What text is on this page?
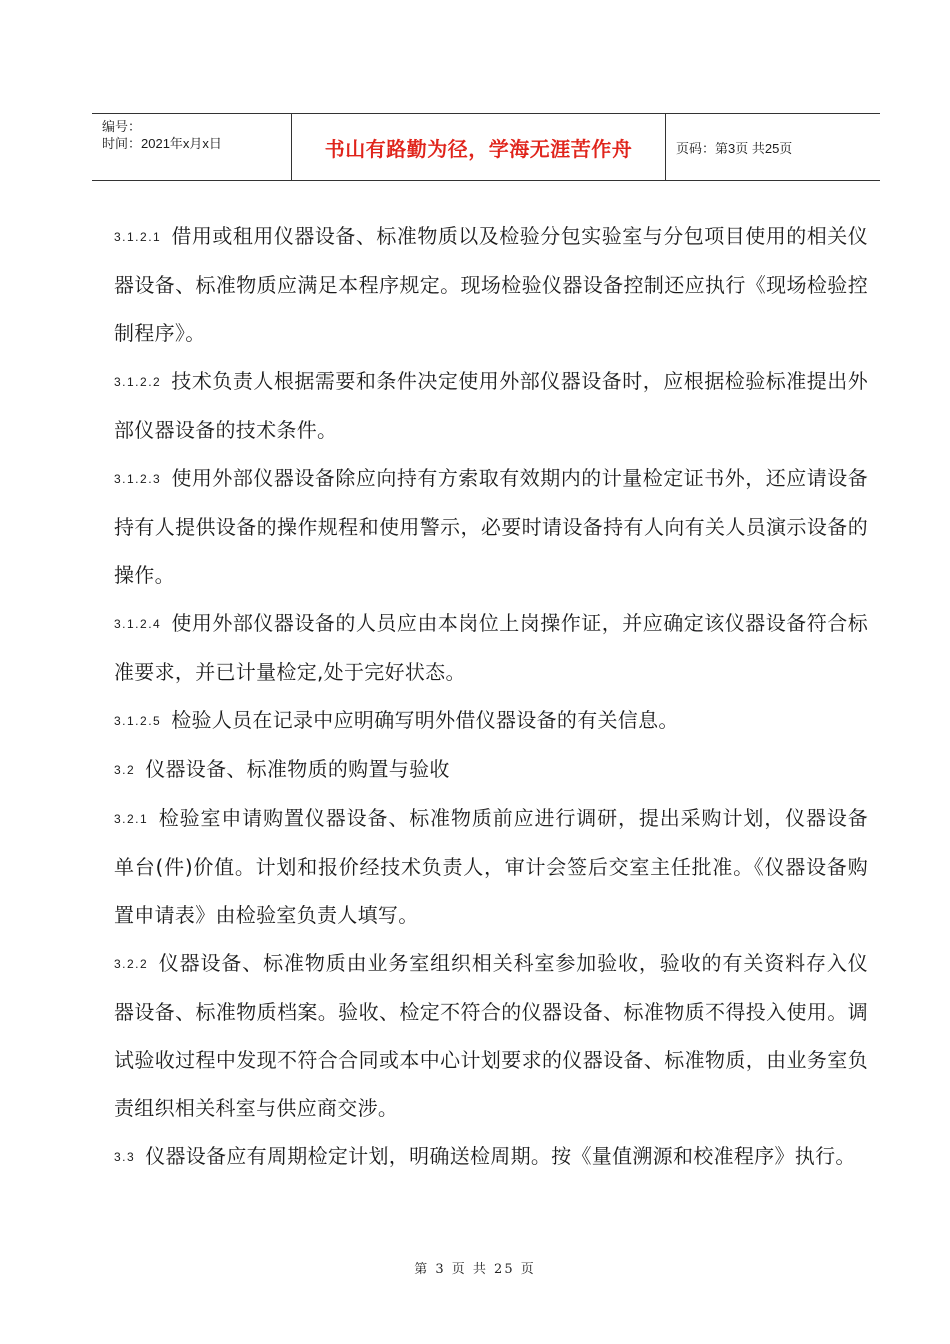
编号：
时间：2021年x月x日	书山有路勤为径，学海无涯苦作舟	页码：第3页 共25页

3.1.2.1 借用或租用仪器设备、标准物质以及检验分包实验室与分包项目使用的相关仪器设备、标准物质应满足本程序规定。现场检验仪器设备控制还应执行《现场检验控制程序》。

3.1.2.2 技术负责人根据需要和条件决定使用外部仪器设备时，应根据检验标准提出外部仪器设备的技术条件。

3.1.2.3 使用外部仪器设备除应向持有方索取有效期内的计量检定证书外，还应请设备持有人提供设备的操作规程和使用警示，必要时请设备持有人向有关人员演示设备的操作。

3.1.2.4 使用外部仪器设备的人员应由本岗位上岗操作证，并应确定该仪器设备符合标准要求，并已计量检定,处于完好状态。

3.1.2.5 检验人员在记录中应明确写明外借仪器设备的有关信息。

3.2 仪器设备、标准物质的购置与验收

3.2.1 检验室申请购置仪器设备、标准物质前应进行调研，提出采购计划，仪器设备单台(件)价值。计划和报价经技术负责人，审计会签后交室主任批准。《仪器设备购置申请表》由检验室负责人填写。

3.2.2 仪器设备、标准物质由业务室组织相关科室参加验收，验收的有关资料存入仪器设备、标准物质档案。验收、检定不符合的仪器设备、标准物质不得投入使用。调试验收过程中发现不符合合同或本中心计划要求的仪器设备、标准物质，由业务室负责组织相关科室与供应商交涉。

3.3 仪器设备应有周期检定计划，明确送检周期。按《量值溯源和校准程序》执行。

第 3 页 共 25 页
